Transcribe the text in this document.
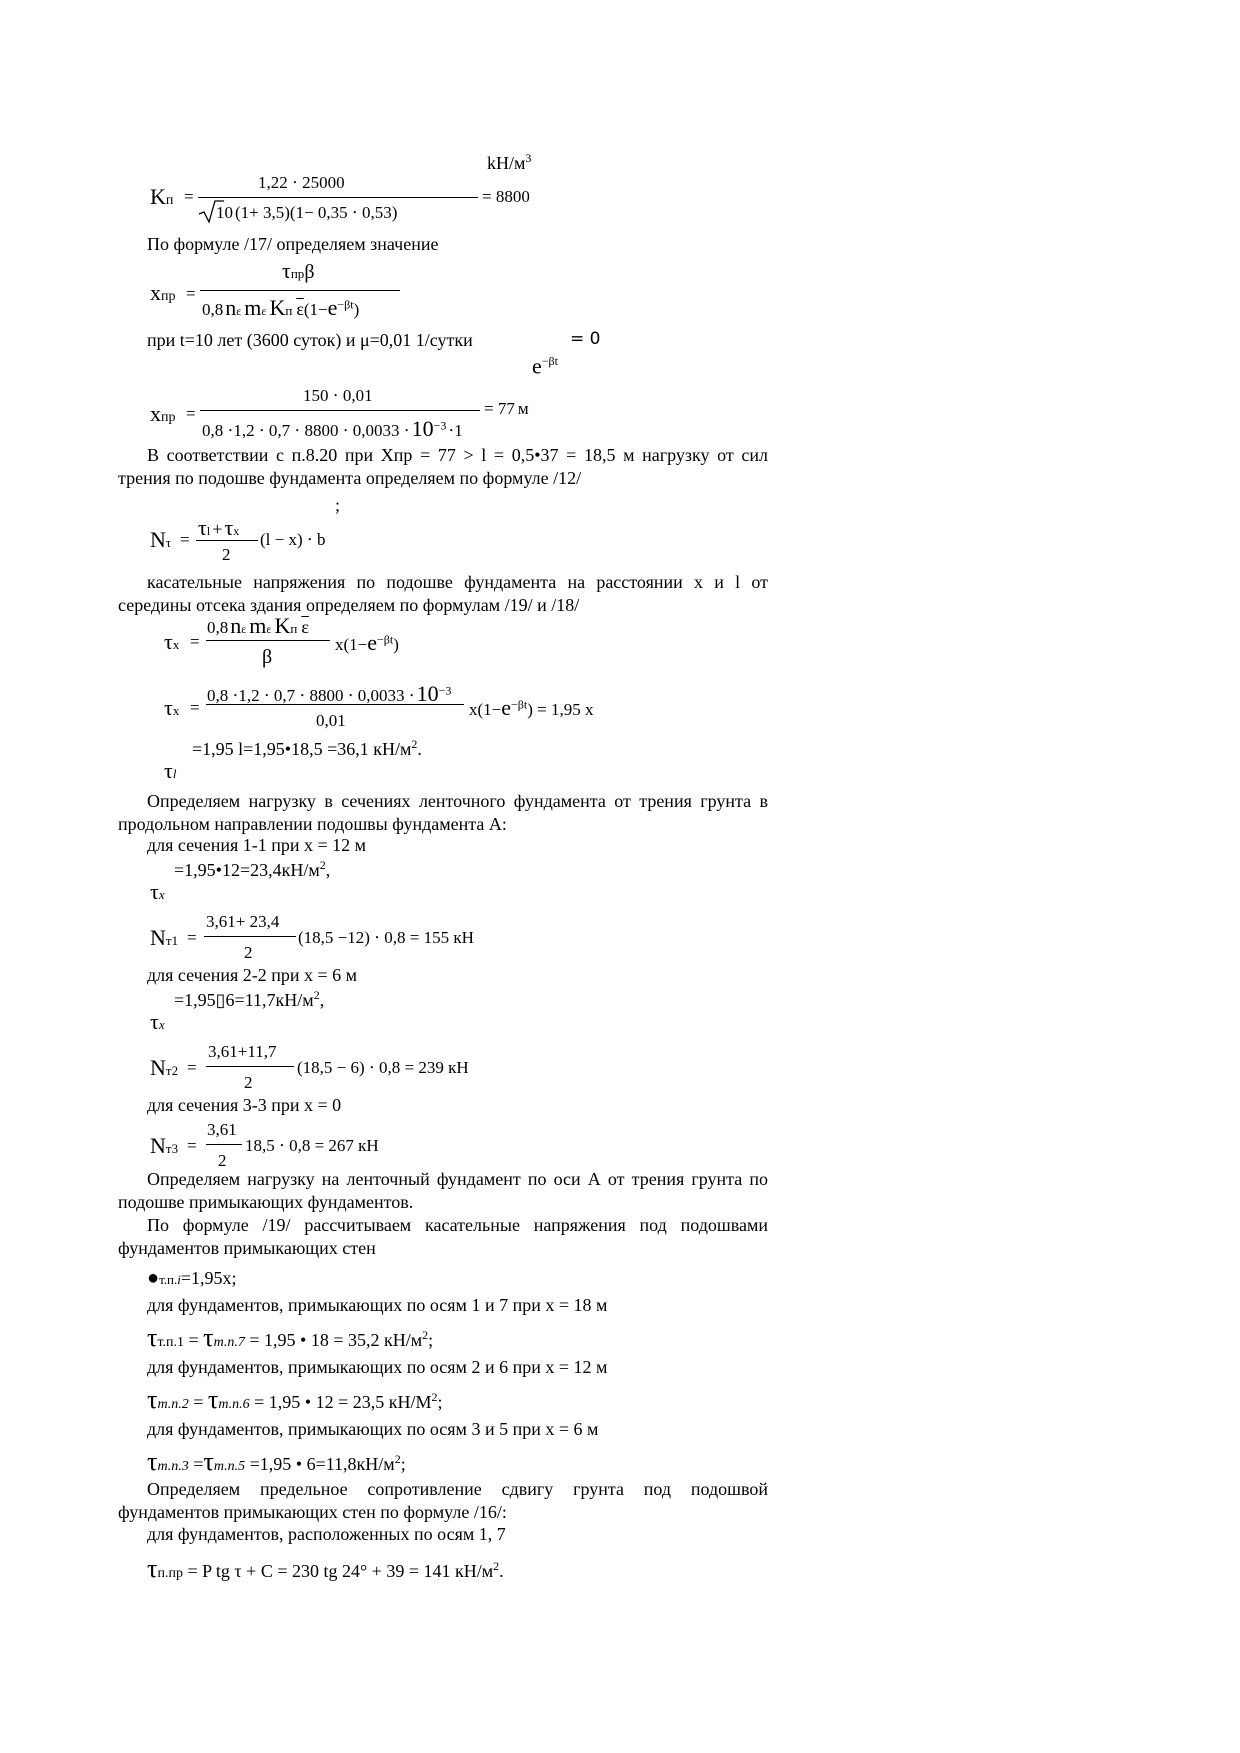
$kH/м^3$
Kп =
1,22 ⋅ 25000
10 (1+ 3,5)(1− 0,35 ⋅ 0,53)
= 8800
По формуле /17/ определяем значение
xпр =
τпрβ
0,8nε mε Kп $\overline{\varepsilon}(1-e^{-\beta t})$
при t=10 лет (3600 суток) и μ=0,01 1/сутки	= 0
$e^{-\beta t}$
xпр =
150 ⋅ 0,01
$0,8 \cdot 1,2 \cdot 0,7 \cdot 8800 \cdot 0,0033 \cdot 10^{-3} \cdot 1$
= 77 м
В соответствии с п.8.20 при Хпр = 77 > l = 0,5•37 = 18,5 м нагрузку от сил трения по подошве фундамента определяем по формуле /12/
;
Nτ = τl +τx
2
(l − x) ⋅ b
касательные напряжения по подошве фундамента на расстоянии x и l от середины отсека здания определяем по формулам /19/ и /18/
τx =
0,8nε mε Kп $\overline{\varepsilon}$
β
$x(1-e^{-\beta t})$
τx =
$0,8 \cdot 1,2 \cdot 0,7 \cdot 8800 \cdot 0,0033 \cdot 10^{-3}$
0,01
$x(1-e^{-\beta t}) = 1,95$ x
=1,95 l=1,95•18,5 =36,1 $кН/м^2$.
τl
Определяем нагрузку в сечениях ленточного фундамента от трения грунта в продольном направлении подошвы фундамента А:
для сечения 1-1 при x = 12 м
$=1,95•12=23,4кН/м^2$,
τx
Nт1 =
3,61+ 23,4
2
(18,5 −12) ⋅ 0,8 = 155 кН
для сечения 2-2 при x = 6 м
$=1,95▯6=11,7кН/м^2$,
τx
Nт2 =
3,61+11,7
2
(18,5 − 6) ⋅ 0,8 = 239 кН
для сечения 3-3 при x = 0
Nт3 =
3,61
2
18,5 ⋅ 0,8 = 267 кН
Определяем нагрузку на ленточный фундамент по оси А от трения грунта по подошве примыкающих фундаментов.
По формуле /19/ рассчитываем касательные напряжения под подошвами фундаментов примыкающих стен
●т.п.i=1,95x;
для фундаментов, примыкающих по осям 1 и 7 при x = 18 м
τт.п.1 = τт.п.7 = 1,95 • 18 = 35,2 $кН/м^2$;
для фундаментов, примыкающих по осям 2 и 6 при x = 12 м
τт.п.2 = τт.п.6 = 1,95 • 12 = 23,5 $кН/М^2$;
для фундаментов, примыкающих по осям 3 и 5 при x = 6 м
τт.п.3 =τт.п.5 =1,95 • $6=11,8кН/м^2$;
Определяем предельное сопротивление сдвигу грунта под подошвой фундаментов примыкающих стен по формуле /16/:
для фундаментов, расположенных по осям 1, 7
τп.пр = P tg τ + C = 230 tg 24° + 39 = 141 $кН/м^2$.
